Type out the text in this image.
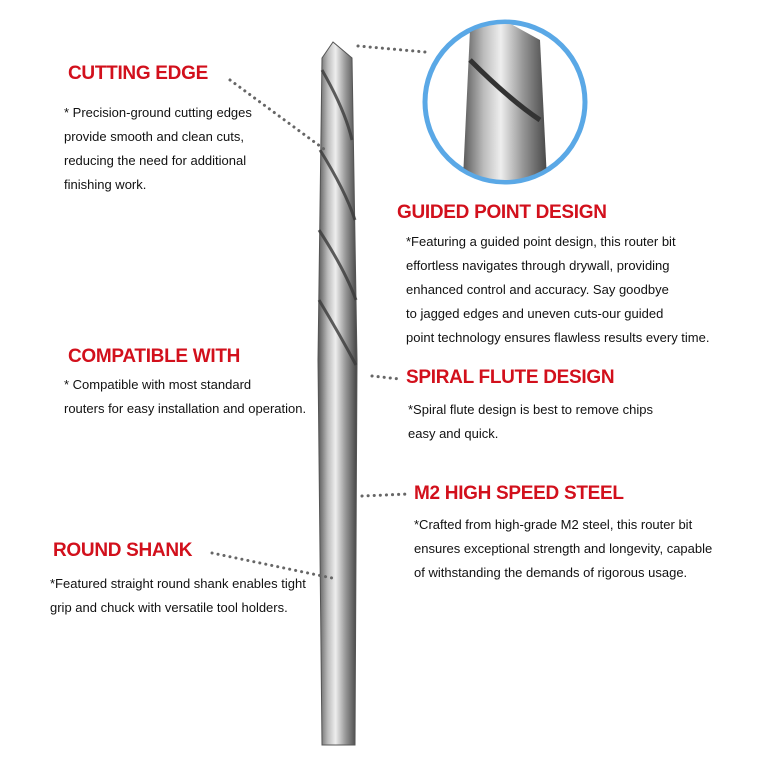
CUTTING EDGE
* Precision-ground cutting edges
provide smooth and clean cuts,
reducing the need for additional
finishing work.
GUIDED POINT DESIGN
*Featuring a guided point design, this router bit
effortless navigates through drywall, providing
enhanced control and accuracy. Say goodbye
to jagged edges and uneven cuts-our guided
point technology ensures flawless results every time.
COMPATIBLE WITH
* Compatible with most standard
routers for easy installation and operation.
SPIRAL FLUTE DESIGN
*Spiral flute design is best to remove chips
easy and quick.
M2 HIGH SPEED STEEL
*Crafted from high-grade M2 steel, this router bit
ensures exceptional strength and longevity, capable
of withstanding the demands of rigorous usage.
ROUND SHANK
*Featured straight round shank enables tight
grip and chuck with versatile tool holders.
